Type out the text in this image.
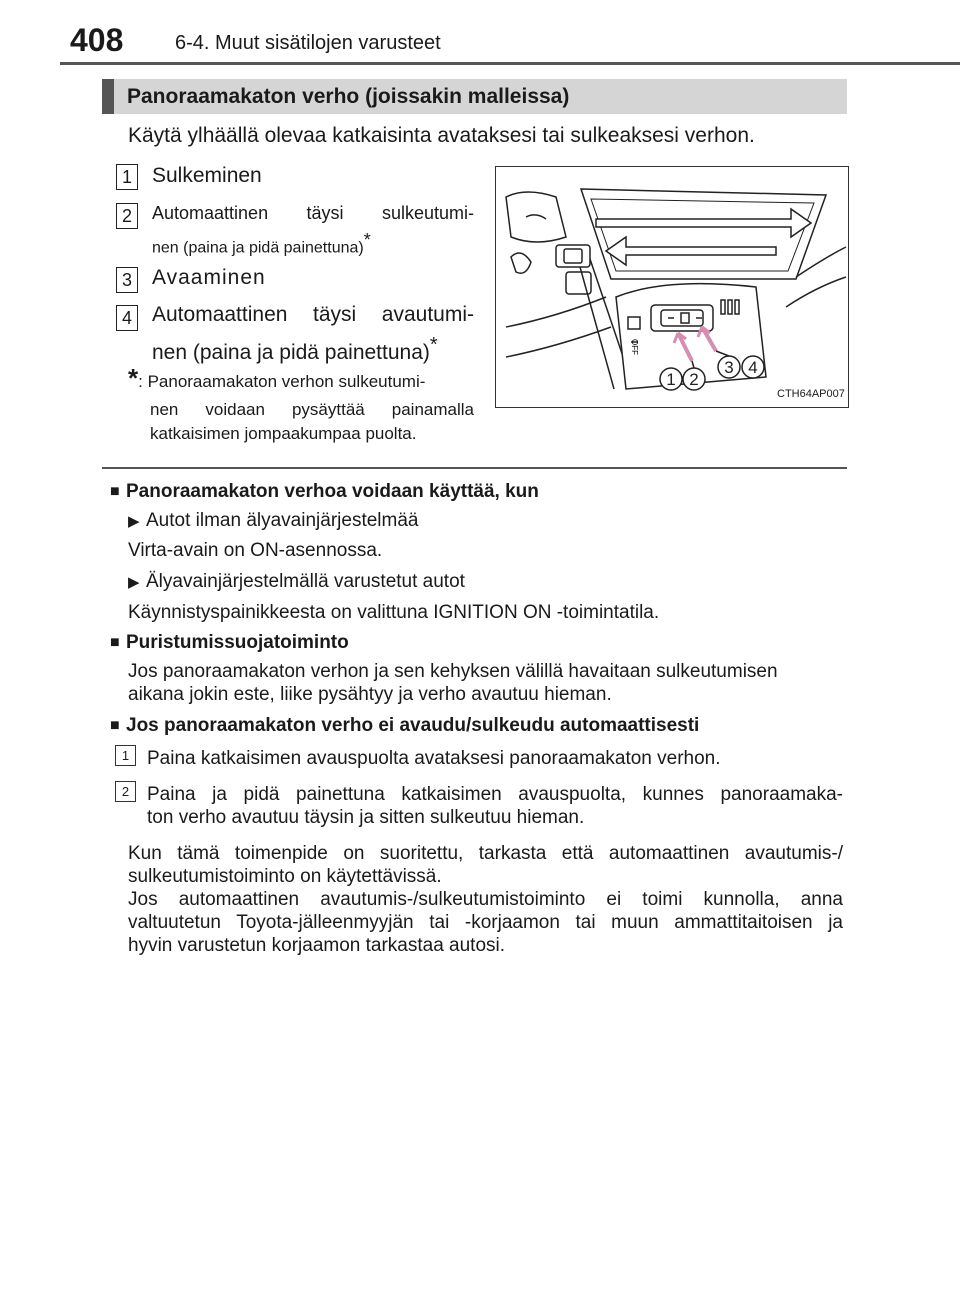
408	6-4. Muut sisätilojen varusteet
Panoraamakaton verho (joissakin malleissa)
Käytä ylhäällä olevaa katkaisinta avataksesi tai sulkeaksesi verhon.
1 Sulkeminen
2	Automaattinen täysi sulkeutumi-
nen (paina ja pidä painettuna)*
3 Avaaminen
4 Automaattinen täysi avautumi-
nen (paina ja pidä painettuna)*
*: Panoraamakaton verhon sulkeutumi-
nen voidaan pysäyttää painamalla
katkaisimen jompaakumpaa puolta.
OFF
1 2
3 4
CTH64AP007
■ Panoraamakaton verhoa voidaan käyttää, kun
▶ Autot ilman älyavainjärjestelmää
Virta-avain on ON-asennossa.
▶ Älyavainjärjestelmällä varustetut autot
Käynnistyspainikkeesta on valittuna IGNITION ON -toimintatila.
■ Puristumissuojatoiminto
Jos panoraamakaton verhon ja sen kehyksen välillä havaitaan sulkeutumisen
aikana jokin este, liike pysähtyy ja verho avautuu hieman.
■ Jos panoraamakaton verho ei avaudu/sulkeudu automaattisesti
1 Paina katkaisimen avauspuolta avataksesi panoraamakaton verhon.
2 Paina ja pidä painettuna katkaisimen avauspuolta, kunnes panoraamaka-
ton verho avautuu täysin ja sitten sulkeutuu hieman.
Kun tämä toimenpide on suoritettu, tarkasta että automaattinen avautumis-/
sulkeutumistoiminto on käytettävissä.
Jos automaattinen avautumis-/sulkeutumistoiminto ei toimi kunnolla, anna
valtuutetun Toyota-jälleenmyyjän tai -korjaamon tai muun ammattitaitoisen ja
hyvin varustetun korjaamon tarkastaa autosi.
